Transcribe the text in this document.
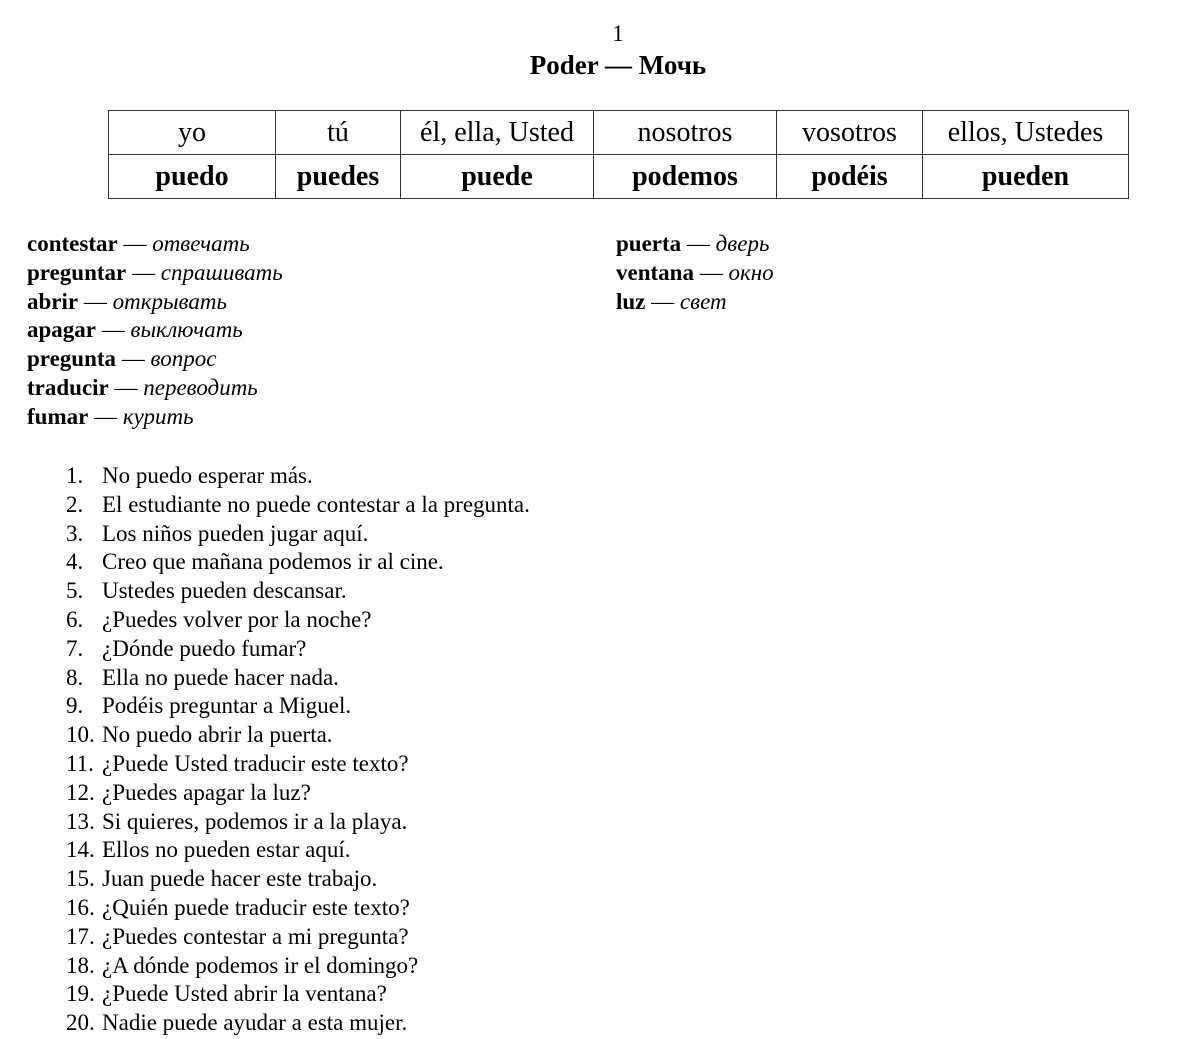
1
Poder — Мочь
yo	tú	él, ella, Usted	nosotros	vosotros	ellos, Ustedes
puedo	puedes	puede	podemos	podéis	pueden
contestar — отвечать
preguntar — спрашивать
abrir — открывать
apagar — выключать
pregunta — вопрос
traducir — переводить
fumar — курить
puerta — дверь
ventana — окно
luz — свет
1. No puedo esperar más.
2. El estudiante no puede contestar a la pregunta.
3. Los niños pueden jugar aquí.
4. Creo que mañana podemos ir al cine.
5. Ustedes pueden descansar.
6. ¿Puedes volver por la noche?
7. ¿Dónde puedo fumar?
8. Ella no puede hacer nada.
9. Podéis preguntar a Miguel.
10. No puedo abrir la puerta.
11. ¿Puede Usted traducir este texto?
12. ¿Puedes apagar la luz?
13. Si quieres, podemos ir a la playa.
14. Ellos no pueden estar aquí.
15. Juan puede hacer este trabajo.
16. ¿Quién puede traducir este texto?
17. ¿Puedes contestar a mi pregunta?
18. ¿A dónde podemos ir el domingo?
19. ¿Puede Usted abrir la ventana?
20. Nadie puede ayudar a esta mujer.
